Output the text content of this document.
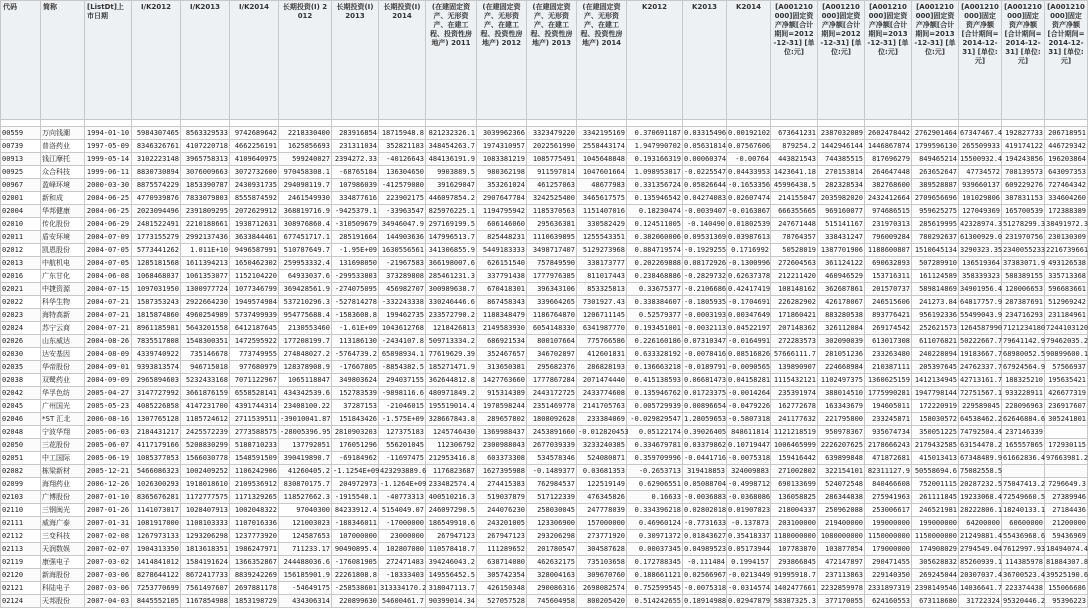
代码	简称	[ListDt]上市日期	I/K2012	I/K2013	I/K2014	长期投资(I) 2012	长期投资(I) 2013	长期投资(I) 2014	(在建固定资产、无形资产、在建工程、投资性房地产) 2011	(在建固定资产、无形资产、在建工程、投资性房地产) 2012	(在建固定资产、无形资产、在建工程、投资性房地产) 2013	(在建固定资产、无形资产、在建工程、投资性房地产) 2014	K2012	K2013	K2014	[A001210000]固定资产净额[合计期间=2012-12-31] [单位:元]	[A001210000]固定资产净额[合计期间=2012-12-31] [单位:元]	[A001210000]固定资产净额[合计期间=2013-12-31] [单位:元]	[A001210000]固定资产净额[合计期间=2013-12-31] [单位:元]	[A001210000]固定资产净额[合计期间=2014-12-31] [单位:元]	[A001210000]固定资产净额[合计期间=2014-12-31] [单位:元]	[A001210000]固定资产净额[合计期间=2014-12-31] [单位:元]

00559	万向钱潮	1994-01-10	5984307465	8563329533	9742689642	2218330400	283916854	18715948.8	821232326.1	3039962366	3323479220	3342195169	0.370691187	0.03315496	0.00192102	673641231	2387032089	2602478442	2762901464	67347467.4	192827733	206718951
00739	普洛药业	1997-05-09	8346326761	4107220718	4662256191	1625856693	231311034	352821183	348454263.7	1974310957	2022561990	2558443174	1.947990702	0.05631814	0.07567606	879254.2	1442946144	1446867874	1799596130	265509933	419174122	446729342
00913	钱江摩托	1999-05-14	3102223148	3965758313	4109640975	599240027	2394272.33	-40126643	484136191.9	1083381219	1085775491	1045648848	0.193166319	0.00060374	-0.00764	443821543	744385515	817696279	849465214	15500932.4	194243856	196203864
00925	众合科技	1999-06-11	8830730894	3076009663	3072732600	970458308.1	-68765184	136304650	9903889.5	980362198	911597014	1047601664	1.098953817	-0.0225547	0.04433953	1423641.18	270153814	264647448	263652647	47734572	708139573	643097353
00967	盈峰环境	2000-03-30	8875574229	1853390787	2430931735	294098119.7	107986039	-412579080	391629047	353261024	461257063	48677983	0.331356724	0.05826644	-0.1653356	45996438.5	282328534	382768600	389528887	939660137	609229276	727464342
02001	新和成	2004-06-25	4770939876	7833079803	8555874592	2461549930	334877616	223902175	446097854.2	2907647784	3242525400	3465617575	0.135946542	0.04274083	0.02607474	214155047	2035982020	2432412664	2709656696	101029806	387831153	334604260
02004	华邦健康	2004-06-25	2023094496	2391809295	2072629912	368819716.9	-9425379.1	-33963547	825976225.1	1194795942	1185370563	1151407016	0.18230474	-0.0039407	-0.0163867	666355665	969160077	974686515	959625275	127049369	165700539	172388389
02010	传化股份	2004-06-29	2481522491	2210188661	1938712631	308976860.4	-310509679	34946047.9	297169199.5	606146060	295636381	330582429	0.124511005	-0.140490	0.01802539	247671448	515141167	231970313	285619995	42328974.3	51278299.3	38491972.3
02011	盾安环境	2004-07-09	1773155279	2992137436	3633844461	677451717.1	285191664	144903636	147996513.7	825448231	1110639895	1255543351	0.382060006	0.09531369	0.03987613	78764357	338431247	796009284	780292637	61300929.0	231970756	230130309
02012	凯恩股份	2004-07-05	5773441262	1.011E+10	9496587991	510787649.7	-1.95E+09	1630556561	341306855.9	5449183333	3498717407	5129273968	0.884719574	-0.1929255	0.1716992	50528019	1387701906	1188600807	1510645134	3290323.35	2340055233	2216739661
02013	中航机电	2004-07-05	1285181568	1611394213	1650462302	259953332.4	131698050	-21967583	366198007.6	626151540	757849590	338173777	0.202269888	0.08172926	-0.1300996	272604563	361124122	690632893	507289910	136519364	37383071.9	493126538
02016	广东甘化	2004-06-08	1068468037	1061353077	1152104220	64933037.6	-299533803	373289808	285461231.3	337791438	1777976385	811017443	0.238468886	-0.2829732	0.62637378	212211420	460946529	153716311	161124589	358339323	588389155	335713368
02021	中捷资源	2004-07-15	1097031950	1300977724	1077346799	369428561.9	-274075095	456982707	300989638.7	670418301	396343106	853325813	0.33675377	-0.2106686	0.42417419	108148162	362687861	201570737	589814869	34901956.4	120006653	596683661
02022	科华生物	2004-07-21	1587353243	2922664230	1949574984	537210296.3	-527814278	-332243338	330246446.6	867458343	339664265	7301927.43	0.338384607	-0.1805935	-0.1704691	226282902	426178067	246515606	241273.84	64817757.9	287387691	512969242
02023	海特高新	2004-07-21	1815874860	4960254989	5737499939	954775688.4	-1583608.8	199462735	233572790.2	1188348479	1186764870	1206711145	0.52579377	-0.0003193	0.00347649	171860421	883280538	893776421	956192336	55499043.9	234716293	231184961
02024	苏宁云商	2004-07-21	8961185981	5643201558	6412187645	2130553460	-1.61E+09	1043612768	1218426813	2149583930	6054148330	6341987770	0.193451001	-0.0032113	0.04522197	207148362	326112084	269174542	252621573	1264587990	7121234180	7244103120
02026	山东威达	2004-08-26	7835517808	1548300351	1472595922	177208199.7	113186130	-2434107.8	509713334.2	686921534	800107664	775766586	0.226160186	0.07310347	-0.0164991	272283573	302090039	613017308	611076821	50222667.7	79641142.9	79462035.2
02030	达安基因	2004-08-09	4339740922	735146678	773749955	274848027.2	-5764739.2	65898934.1	77619629.39	352467657	346702897	412601831	0.633328192	-0.0078416	0.08516826	57666111.7	281051236	233263480	240228094	19183667.7	68980052.5	90899600.1
02035	华帝股份	2004-09-01	9393813574	946715018	977680979	128378908.9	-17667805	-8854382.5	185271471.9	313650381	295682376	286828193	0.136663218	-0.0189791	-0.0090565	139890907	224668984	210387111	205397645	24762337.7	67924564.9	57566937
02038	双鹭药业	2004-09-09	2965894603	5232433168	7071122967	1065118847	349803624	294037155	362644812.8	1427763660	1777867284	2071474440	0.415138593	0.06681473	0.04158281	1115432121	1102497375	1360625159	1412134945	42713161.7	188325210	195635421
02042	华孚色纺	2005-04-27	3147727992	3661876159	6558528141	434342539.6	152783539	-9898116.6	480971849.2	915314389	2443172725	2433774608	0.135946762	0.01723375	-0.0014264	235391974	388014510	1775990281	1947798144	72751567.1	933228911	426677319
02045	广州国光	2005-05-23	4085226858	4147231700	4391744314	23408100.22	37287153	-21046015	195519014.4	1978598244	2351469778	2141705763	0.005729939	0.00896654	-0.0479226	162772678	163343679	194605011	172220919	229589045	228096963	236917607
02046	*ST 汇北	2006-08-16	1307765128	1185724612	2711539511	-39010041.87	151843426	-1.575E+09	328667843.8	289657802	1808092628	233384069	-0.029829547	1.28059653	-0.5807318	241177632	221795800	233245871	158030572	64538462.2	62646884.6	305241801
02048	宁波华翔	2005-06-03	2184431217	2425572239	2773588575	-28005396.95	2810903203	127375183	1245746430	1369988437	2453891660	-0.012820453	0.05122174	0.39026405	848611814	1121218519	950978367	935674734	350051225	74792504.4	237146339	
02050	三花股份	2005-06-07	4117179166	5208830299	5188710233	137792051	176051296	556201045	112306792	2300988043	2677039339	3233240385	0.334679781	0.03379862	0.10719447	1006465999	2226207625	2178666243	2179432585	63154478.2	165557865	172930115
02051	中工国际	2005-06-19	1085377053	1566030778	1548591509	390419890.7	-69184962	-11697475	212953416.8	603373308	534578346	524080871	0.359709996	-0.0441716	-0.0075318	159416442	639899848	471872681	415013413	67348489.9	61662836.4	97663981.2
02082	栋梁新材	2005-12-21	5466086323	1002409252	1106242906	41260405.2	-1.1254E+09	423293889.6	1176823687	1627395988	-0.1489377	0.03681353	-0.2653713	319418853	324009883	271002802	322154101	82311127.9	50558694.6	75082558.5		
02099	海翔药业	2006-12-26	1026300293	1918018610	2109536912	830870175.7	204972973	-1.1264E+09	233482574.4	274415383	762984537	122519149	0.62906551	0.05088704	-0.4998712	690133699	524072548	840466608	752001115	20287232.5	75047413.2	7296649.3
02103	广博股份	2007-01-10	8365676281	1172777575	1171329265	118527662.3	-1915540.1	-40773313	400510216.3	519037879	517122339	476345826	0.16633	-0.0036883	-0.0368086	136058825	286344838	275941963	261111845	19233068.4	72549660.5	27389946
02110	三钢闽光	2007-01-26	1141073017	1028407913	1002048322	97040300	84233912.4	5154049.07	246097290.5	244076230	258030045	247778039	0.334396218	0.02802018	0.01907823	218004337	250962088	253006617	246521981	28222806.1	18240133.1	27184436
02111	威海广泰	2007-01-31	1081917000	1108103333	1107016336	121003023	-188346011	-17000000	186549910.6	243201005	123306900	157000000	0.46960124	-0.7731633	-0.137873	203100000	219400000	199000000	199000000	64200000	60600000	21200000
02112	三变科技	2007-02-08	1267973133	1293206298	1237773920	124587653	107000000	23000000	267947123	267947123	293206298	273771920	0.30971372	0.01843627	0.35418337	1180000000	1080000000	1150000000	1150000000	21249881.4	55436968.6	59436969
02113	天润数娱	2007-02-07	1904313350	1813618351	1986247971	711233.17	90490895.4	102807080	110578418.7	111289652	201780547	304587628	0.00037345	0.04989523	0.05173944	107783870	103877054	179000000	174908029	2794549.04	7612997.93	18494074.4
02119	康强电子	2007-03-02	1414841012	1584191624	1366352867	244488036.6	-176081905	272471483	394246043.2	638714080	462632175	735103658	0.172788345	-0.111484	0.1994157	293866845	472147897	290471455	305628832	85260939.1	114385978	81884307.8
02120	新海股份	2007-03-06	8278644122	8672417733	8839242269	156185901.9	22261808.8	-18333403	149556452.5	305742354	328004163	309670760	0.188661121	0.02566967	-0.0213449	91995918.7	237113863	229140350	269245044	20307037.4	36700523.4	39525190.6
02121	科陆电子	2007-03-06	7253770699	7561497607	2697881178	-54649175	-258538601	313334170.2	318047113.7	426150348	290086316	2698082574	0.752599545	-0.0075318	-0.0314574	1402477661	2232859978	2331897319	2398149546	14036641.7	223374438	155066686
02124	天邦股份	2007-04-03	8445552105	1167854988	1853198729	434306314	220899630	54600461.7	90399014.34	527057528	745604958	800205420	0.514242655	0.18914988	0.02947879	58387325.3	377170055	624160553	673118680	31722324	95320446.2	95396223
